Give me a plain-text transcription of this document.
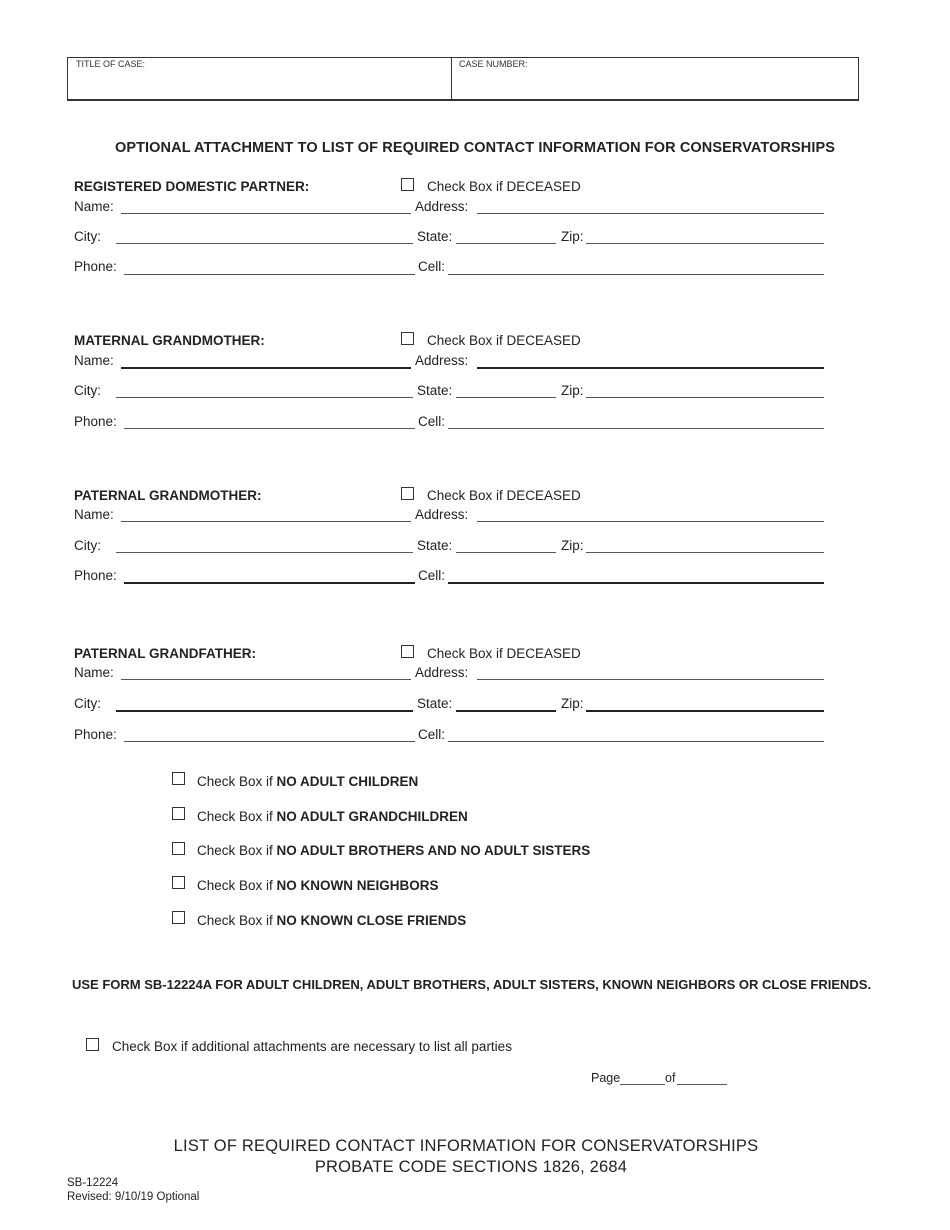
TITLE OF CASE:	CASE NUMBER:
OPTIONAL ATTACHMENT TO LIST OF REQUIRED CONTACT INFORMATION FOR CONSERVATORSHIPS
REGISTERED DOMESTIC PARTNER:	Check Box if DECEASED
Name:	Address:
City:	State:	Zip:
Phone:	Cell:
MATERNAL GRANDMOTHER:	Check Box if DECEASED
Name:	Address:
City:	State:	Zip:
Phone:	Cell:
PATERNAL GRANDMOTHER:	Check Box if DECEASED
Name:	Address:
City:	State:	Zip:
Phone:	Cell:
PATERNAL GRANDFATHER:	Check Box if DECEASED
Name:	Address:
City:	State:	Zip:
Phone:	Cell:
Check Box if NO ADULT CHILDREN
Check Box if NO ADULT GRANDCHILDREN
Check Box if NO ADULT BROTHERS AND NO ADULT SISTERS
Check Box if NO KNOWN NEIGHBORS
Check Box if NO KNOWN CLOSE FRIENDS
USE FORM SB-12224A FOR ADULT CHILDREN, ADULT BROTHERS, ADULT SISTERS, KNOWN NEIGHBORS OR CLOSE FRIENDS.
Check Box if additional attachments are necessary to list all parties
Page	of
LIST OF REQUIRED CONTACT INFORMATION FOR CONSERVATORSHIPS
PROBATE CODE SECTIONS 1826, 2684
SB-12224
Revised: 9/10/19 Optional
